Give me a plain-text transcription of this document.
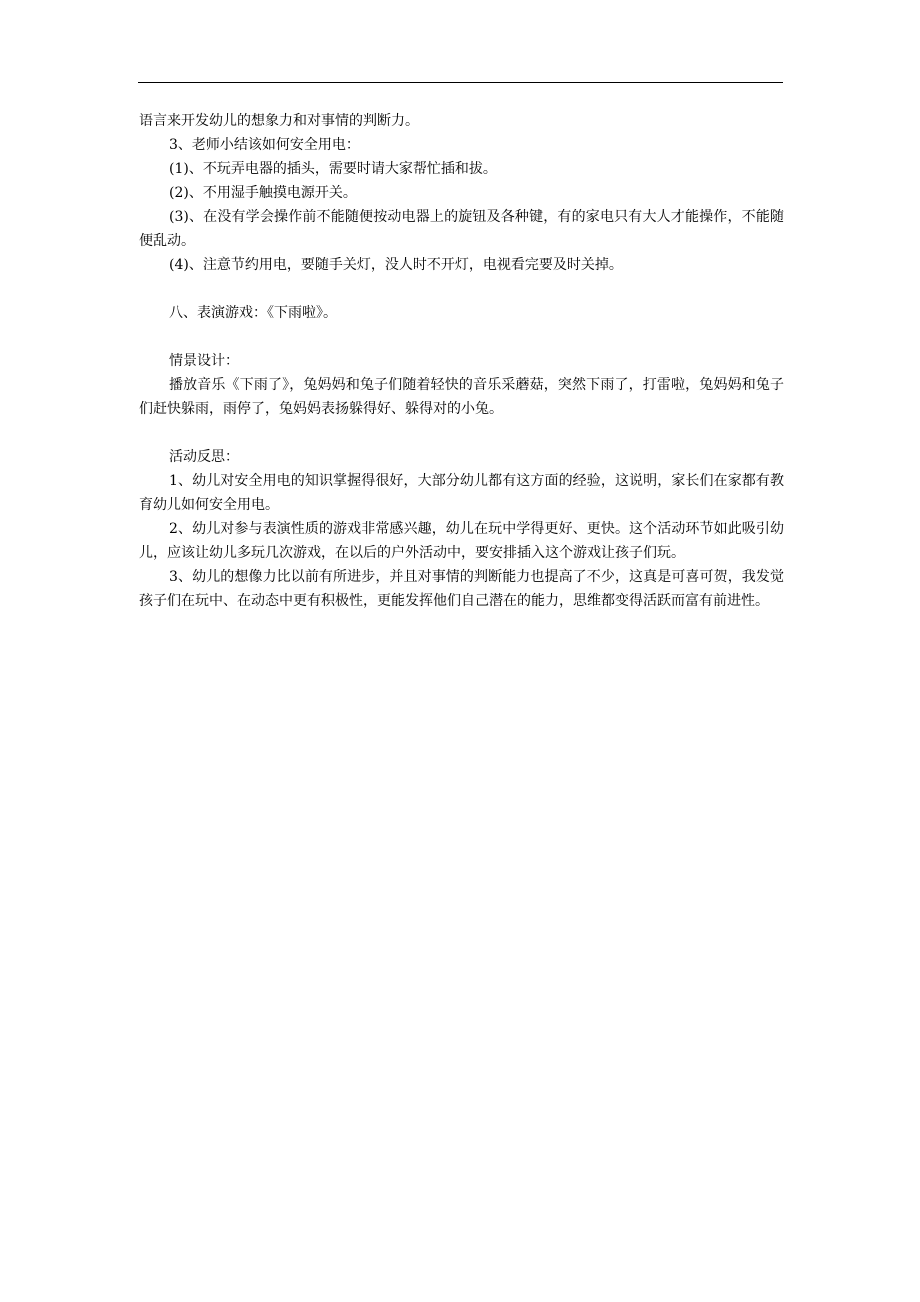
语言来开发幼儿的想象力和对事情的判断力。

3、老师小结该如何安全用电：

(1)、不玩弄电器的插头，需要时请大家帮忙插和拔。

(2)、不用湿手触摸电源开关。

(3)、在没有学会操作前不能随便按动电器上的旋钮及各种键，有的家电只有大人才能操作，不能随便乱动。

(4)、注意节约用电，要随手关灯，没人时不开灯，电视看完要及时关掉。

八、表演游戏：《下雨啦》。

情景设计：

播放音乐《下雨了》，兔妈妈和兔子们随着轻快的音乐采蘑菇，突然下雨了，打雷啦，兔妈妈和兔子们赶快躲雨，雨停了，兔妈妈表扬躲得好、躲得对的小兔。

活动反思：

1、幼儿对安全用电的知识掌握得很好，大部分幼儿都有这方面的经验，这说明，家长们在家都有教育幼儿如何安全用电。

2、幼儿对参与表演性质的游戏非常感兴趣，幼儿在玩中学得更好、更快。这个活动环节如此吸引幼儿，应该让幼儿多玩几次游戏，在以后的户外活动中，要安排插入这个游戏让孩子们玩。

3、幼儿的想像力比以前有所进步，并且对事情的判断能力也提高了不少，这真是可喜可贺，我发觉孩子们在玩中、在动态中更有积极性，更能发挥他们自己潜在的能力，思维都变得活跃而富有前进性。
